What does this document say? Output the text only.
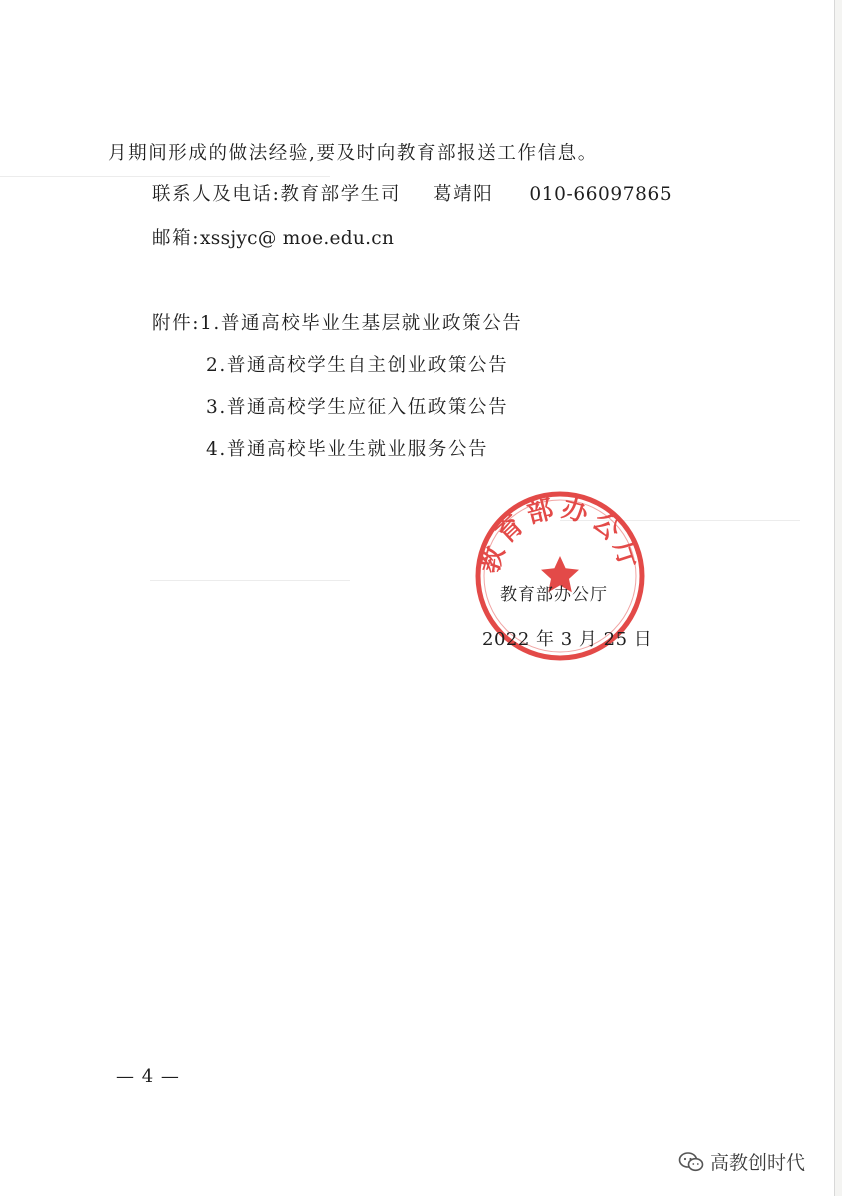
月期间形成的做法经验,要及时向教育部报送工作信息。
联系人及电话:教育部学生司 葛靖阳 010-66097865
邮箱:xssjyc@ moe.edu.cn
附件:1.普通高校毕业生基层就业政策公告
2.普通高校学生自主创业政策公告
3.普通高校学生应征入伍政策公告
4.普通高校毕业生就业服务公告
教育部办公厅
教育部办公厅
2022 年 3 月 25 日
— 4 —
高教创时代
